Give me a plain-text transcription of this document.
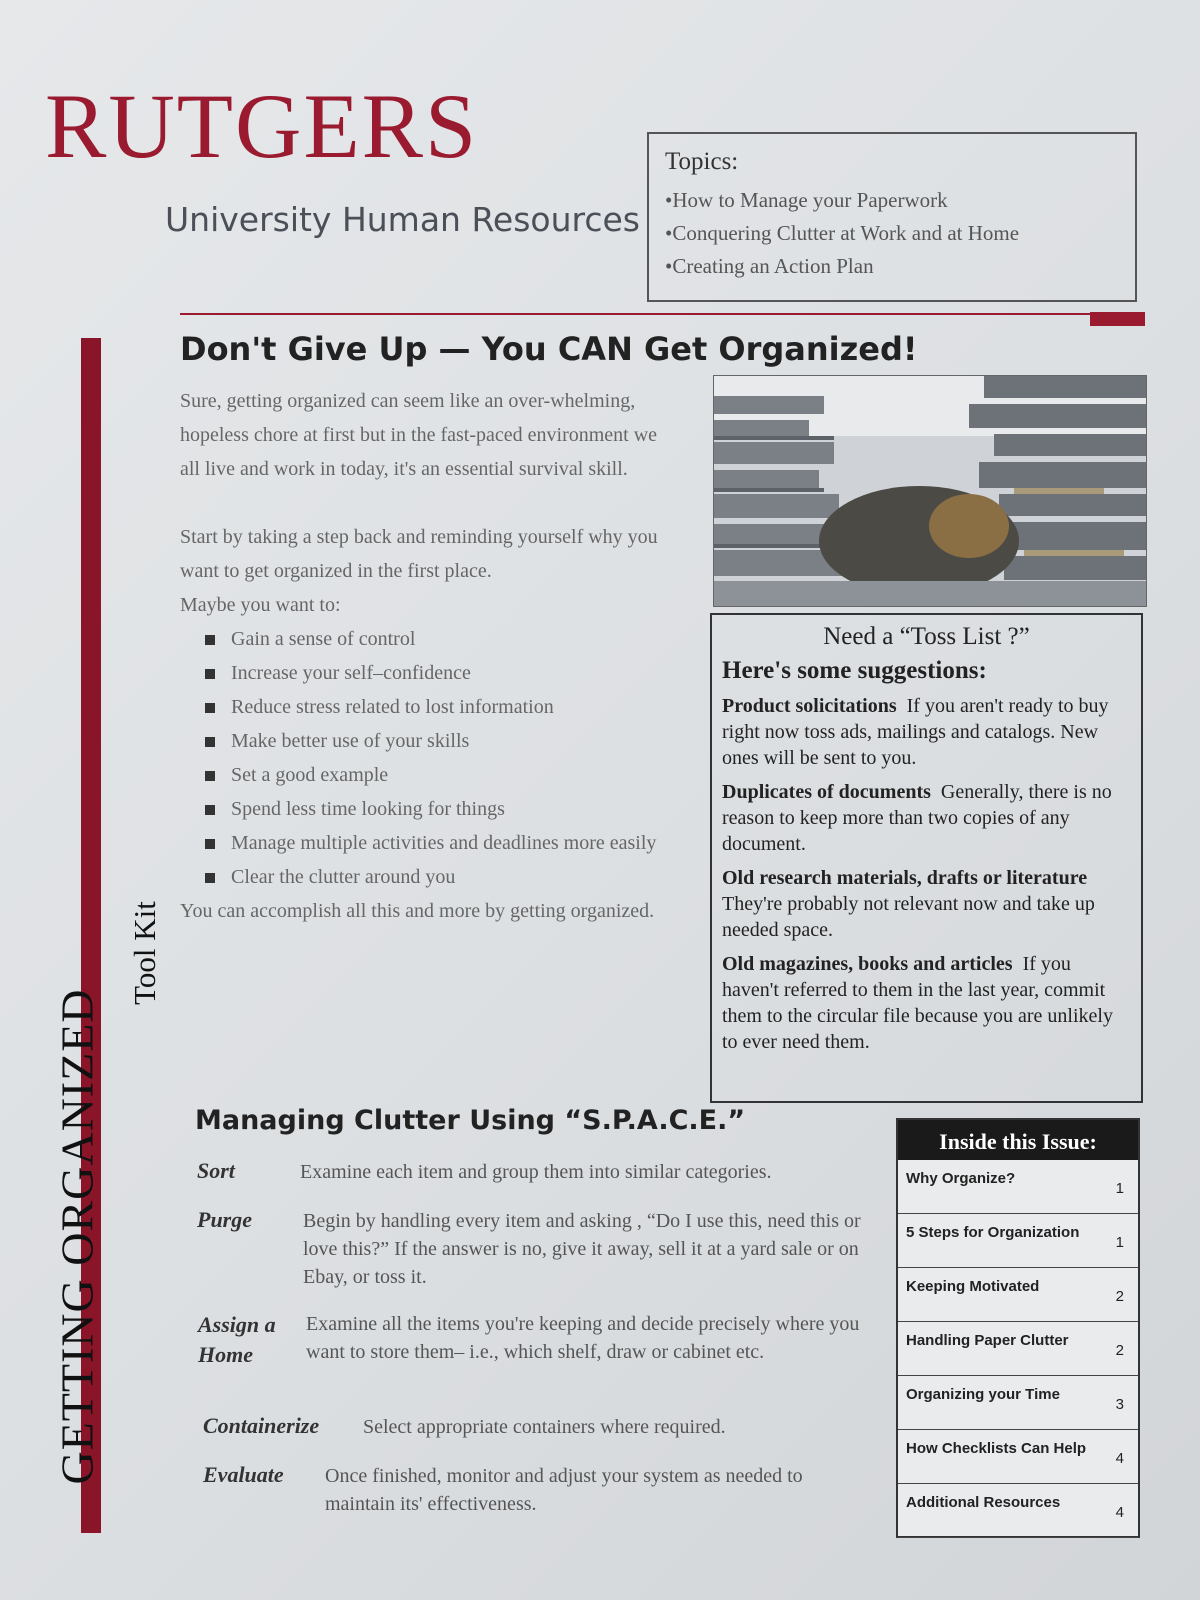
RUTGERS
University Human Resources
Topics:
• How to Manage your Paperwork
• Conquering Clutter at Work and at Home
• Creating an Action Plan
GETTING ORGANIZED
Tool Kit
Don't Give Up — You CAN Get Organized!

Sure, getting organized can seem like an over-whelming, hopeless chore at first but in the fast-paced environment we all live and work in today, it's an essential survival skill.

Start by taking a step back and reminding yourself why you want to get organized in the first place.

Maybe you want to:

Gain a sense of control
Increase your self–confidence
Reduce stress related to lost information
Make better use of your skills
Set a good example
Spend less time looking for things
Manage multiple activities and deadlines more easily
Clear the clutter around you

You can accomplish all this and more by getting organized.

Need a “Toss List ?”
Here's some suggestions:
Product solicitations If you aren't ready to buy right now toss ads, mailings and catalogs. New ones will be sent to you.
Duplicates of documents Generally, there is no reason to keep more than two copies of any document.
Old research materials, drafts or literature  They're probably not relevant now and take up needed space.
Old magazines, books and articles If you haven't referred to them in the last year, commit them to the circular file because you are unlikely to ever need them.
Managing Clutter Using “S.P.A.C.E.”
Sort	Examine each item and group them into similar categories.
Purge	Begin by handling every item and asking , “Do I use this, need this or love this?” If the answer is no, give it away, sell it at a yard sale or on Ebay, or toss it.
Assign a Home
Examine all the items you're keeping and decide precisely where you want to store them– i.e., which shelf, draw or cabinet etc.
Containerize Select appropriate containers where required.
Evaluate Once finished, monitor and adjust your system as needed to maintain its' effectiveness.
Inside this Issue:
Why Organize?
1
5 Steps for Organization
1
Keeping Motivated
2
Handling Paper Clutter
2
Organizing your Time
3
How Checklists Can Help
4
Additional Resources
4
